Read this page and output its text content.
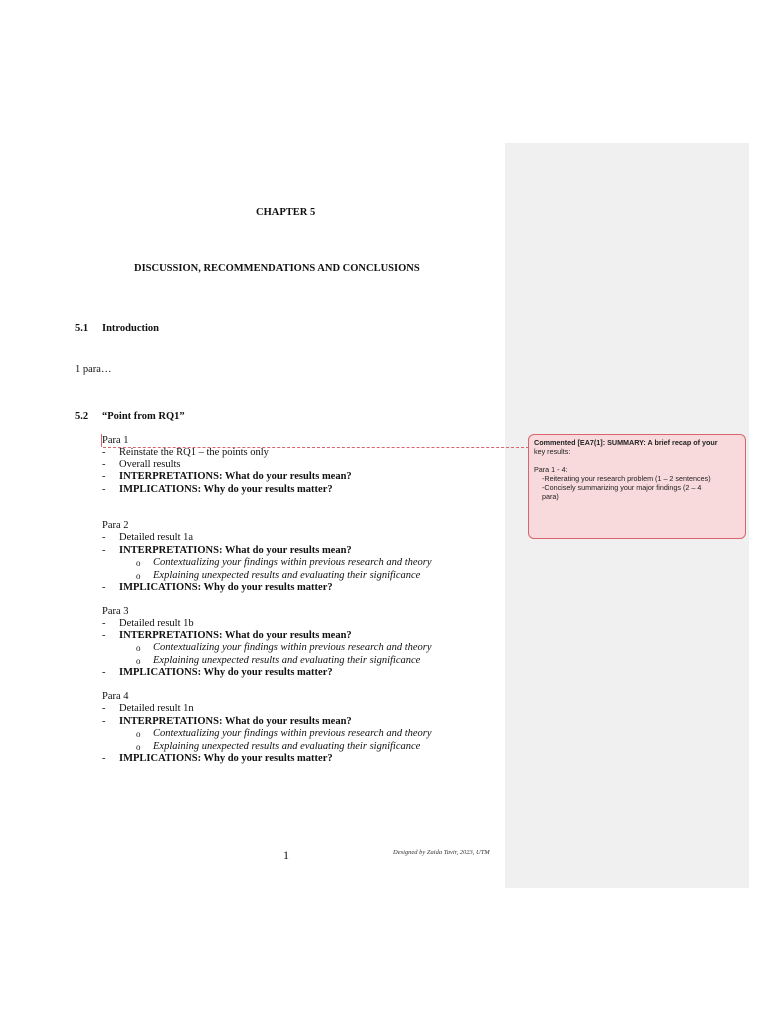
CHAPTER 5
DISCUSSION, RECOMMENDATIONS AND CONCLUSIONS
5.1 Introduction
1 para…
5.2 “Point from RQ1”
Para 1
- Reinstate the RQ1 – the points only
- Overall results
- INTERPRETATIONS: What do your results mean?
- IMPLICATIONS: Why do your results matter?
Para 2
- Detailed result 1a
- INTERPRETATIONS: What do your results mean?
o Contextualizing your findings within previous research and theory
o Explaining unexpected results and evaluating their significance
- IMPLICATIONS: Why do your results matter?
Para 3
- Detailed result 1b
- INTERPRETATIONS: What do your results mean?
o Contextualizing your findings within previous research and theory
o Explaining unexpected results and evaluating their significance
- IMPLICATIONS: Why do your results matter?
Para 4
- Detailed result 1n
- INTERPRETATIONS: What do your results mean?
o Contextualizing your findings within previous research and theory
o Explaining unexpected results and evaluating their significance
- IMPLICATIONS: Why do your results matter?
Commented [EA7(1]: SUMMARY: A brief recap of your
key results:
Para 1 - 4:
-Reiterating your research problem (1 – 2 sentences)
-Concisely summarizing your major findings (2 – 4
para)
1	Designed by Zaida Tavir, 2023, UTM
